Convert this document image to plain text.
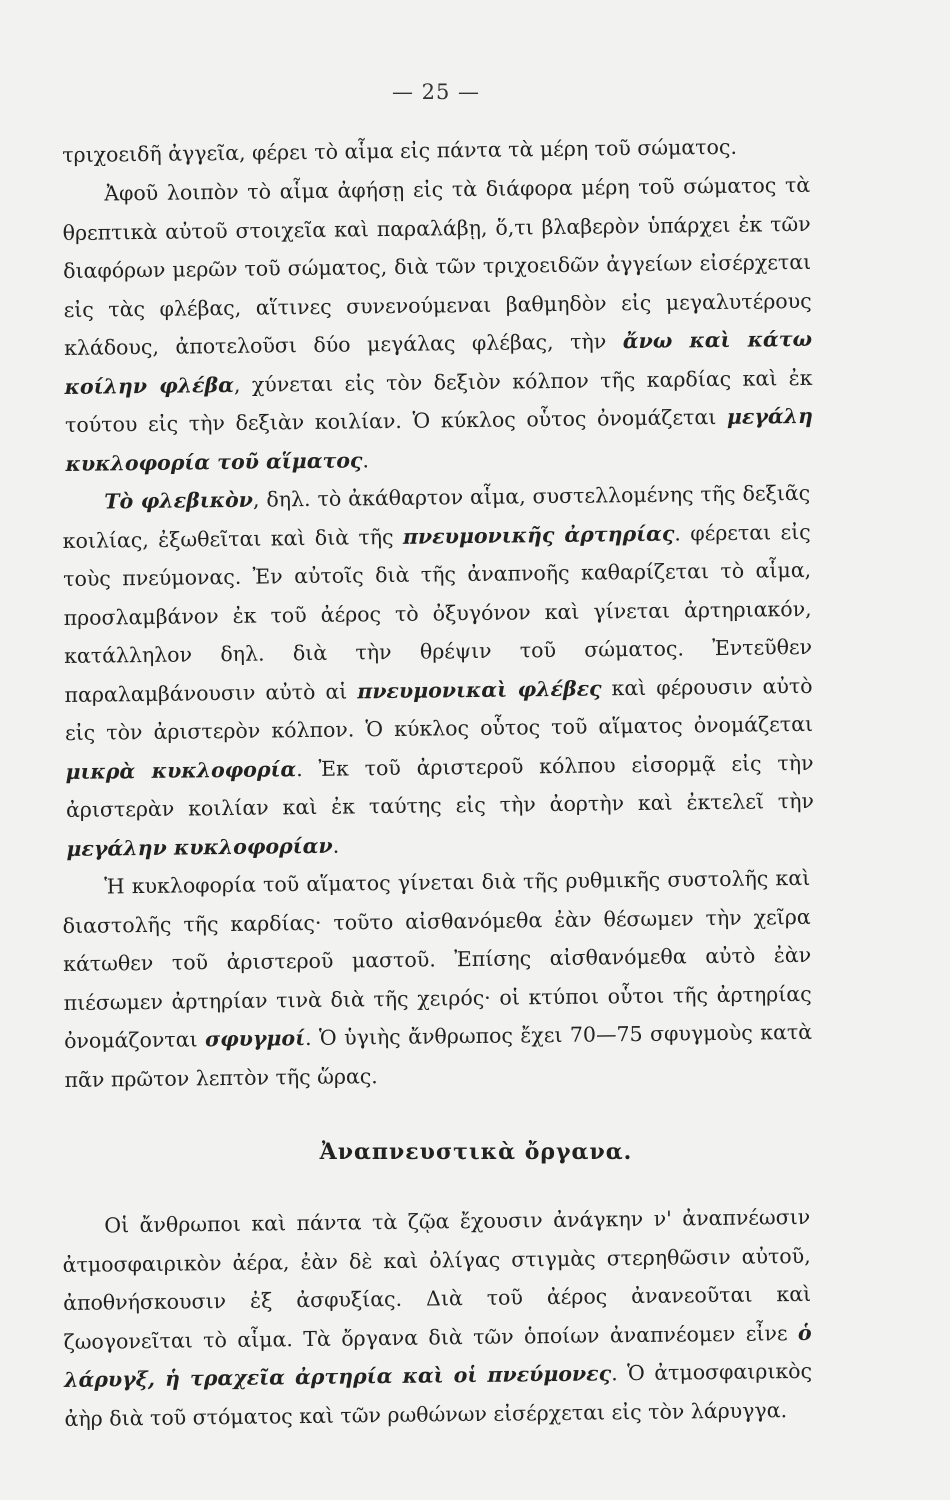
— 25 —

τριχοειδῆ ἀγγεῖα, φέρει τὸ αἷμα εἰς πάντα τὰ μέρη τοῦ σώματος.

Ἀφοῦ λοιπὸν τὸ αἷμα ἀφήσῃ εἰς τὰ διάφορα μέρη τοῦ σώματος τὰ θρεπτικὰ αὐτοῦ στοιχεῖα καὶ παραλάβῃ, ὅ,τι βλαβερὸν ὑπάρχει ἐκ τῶν διαφόρων μερῶν τοῦ σώματος, διὰ τῶν τριχοειδῶν ἀγγείων εἰσέρχεται εἰς τὰς φλέβας, αἵτινες συνενούμεναι βαθμηδὸν εἰς μεγαλυτέρους κλάδους, ἀποτελοῦσι δύο μεγάλας φλέβας, τὴν ἄνω καὶ κάτω κοίλην φλέβα, χύνεται εἰς τὸν δεξιὸν κόλπον τῆς καρδίας καὶ ἐκ τούτου εἰς τὴν δεξιὰν κοιλίαν. Ὁ κύκλος οὗτος ὀνομάζεται μεγάλη κυκλοφορία τοῦ αἵματος.

Τὸ φλεβικὸν, δηλ. τὸ ἀκάθαρτον αἷμα, συστελλομένης τῆς δεξιᾶς κοιλίας, ἐξωθεῖται καὶ διὰ τῆς πνευμονικῆς ἀρτηρίας. φέρεται εἰς τοὺς πνεύμονας. Ἐν αὐτοῖς διὰ τῆς ἀναπνοῆς καθαρίζεται τὸ αἷμα, προσλαμβάνον ἐκ τοῦ ἀέρος τὸ ὀξυγόνον καὶ γίνεται ἀρτηριακόν, κατάλληλον δηλ. διὰ τὴν θρέψιν τοῦ σώματος. Ἐντεῦθεν παραλαμβάνουσιν αὐτὸ αἱ πνευμονικαὶ φλέβες καὶ φέρουσιν αὐτὸ εἰς τὸν ἀριστερὸν κόλπον. Ὁ κύκλος οὗτος τοῦ αἵματος ὀνομάζεται μικρὰ κυκλοφορία. Ἐκ τοῦ ἀριστεροῦ κόλπου εἰσορμᾷ εἰς τὴν ἀριστερὰν κοιλίαν καὶ ἐκ ταύτης εἰς τὴν ἀορτὴν καὶ ἐκτελεῖ τὴν μεγάλην κυκλοφορίαν.

Ἡ κυκλοφορία τοῦ αἵματος γίνεται διὰ τῆς ρυθμικῆς συστολῆς καὶ διαστολῆς τῆς καρδίας· τοῦτο αἰσθανόμεθα ἐὰν θέσωμεν τὴν χεῖρα κάτωθεν τοῦ ἀριστεροῦ μαστοῦ. Ἐπίσης αἰσθανόμεθα αὐτὸ ἐὰν πιέσωμεν ἀρτηρίαν τινὰ διὰ τῆς χειρός· οἱ κτύποι οὗτοι τῆς ἀρτηρίας ὀνομάζονται σφυγμοί. Ὁ ὑγιὴς ἄνθρωπος ἔχει 70—75 σφυγμοὺς κατὰ πᾶν πρῶτον λεπτὸν τῆς ὥρας.

Ἀναπνευστικὰ ὄργανα.

Οἱ ἄνθρωποι καὶ πάντα τὰ ζῷα ἔχουσιν ἀνάγκην ν' ἀναπνέωσιν ἀτμοσφαιρικὸν ἀέρα, ἐὰν δὲ καὶ ὀλίγας στιγμὰς στερηθῶσιν αὐτοῦ, ἀποθνήσκουσιν ἐξ ἀσφυξίας. Διὰ τοῦ ἀέρος ἀνανεοῦται καὶ ζωογονεῖται τὸ αἷμα. Τὰ ὄργανα διὰ τῶν ὁποίων ἀναπνέομεν εἶνε ὁ λάρυγξ, ἡ τραχεῖα ἀρτηρία καὶ οἱ πνεύμονες. Ὁ ἀτμοσφαιρικὸς ἀὴρ διὰ τοῦ στόματος καὶ τῶν ρωθώνων εἰσέρχεται εἰς τὸν λάρυγγα.
